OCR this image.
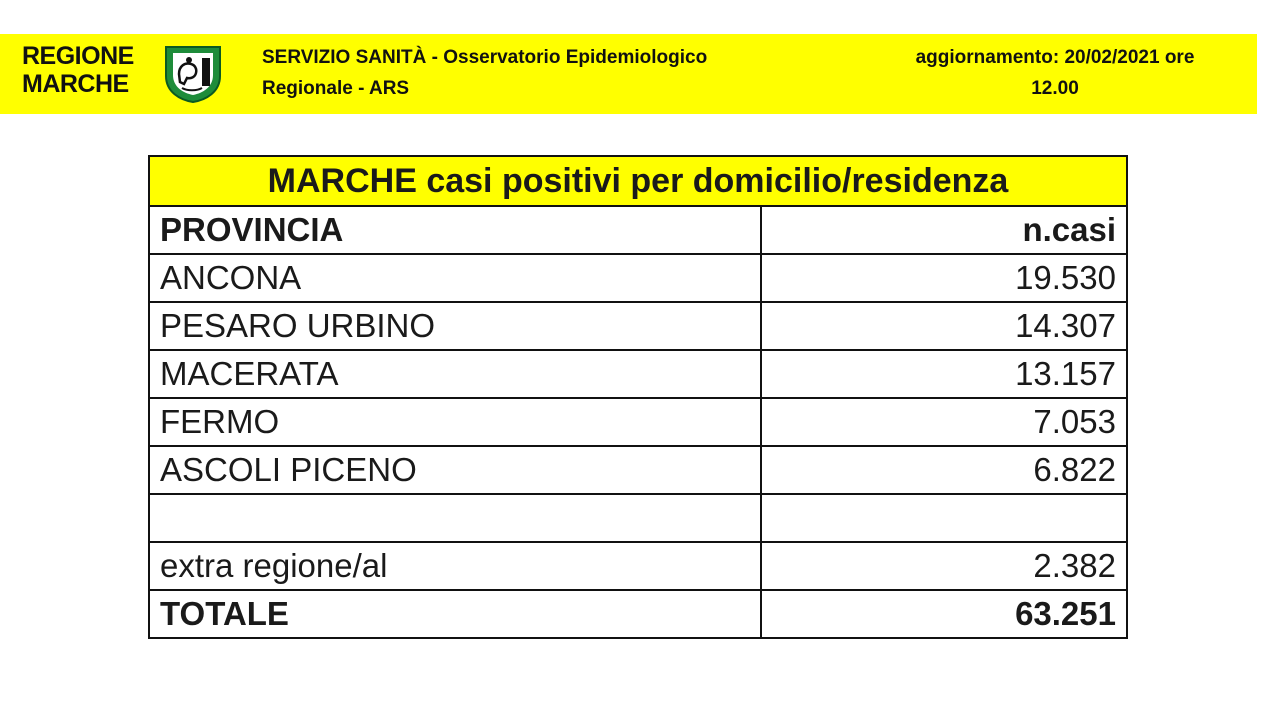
REGIONE
MARCHE
SERVIZIO SANITÀ - Osservatorio Epidemiologico
Regionale - ARS
aggiornamento: 20/02/2021 ore
12.00
MARCHE casi positivi per domicilio/residenza	
PROVINCIA	n.casi
ANCONA	19.530
PESARO URBINO	14.307
MACERATA	13.157
FERMO	7.053
ASCOLI PICENO	6.822

extra regione/al	2.382
TOTALE	63.251
